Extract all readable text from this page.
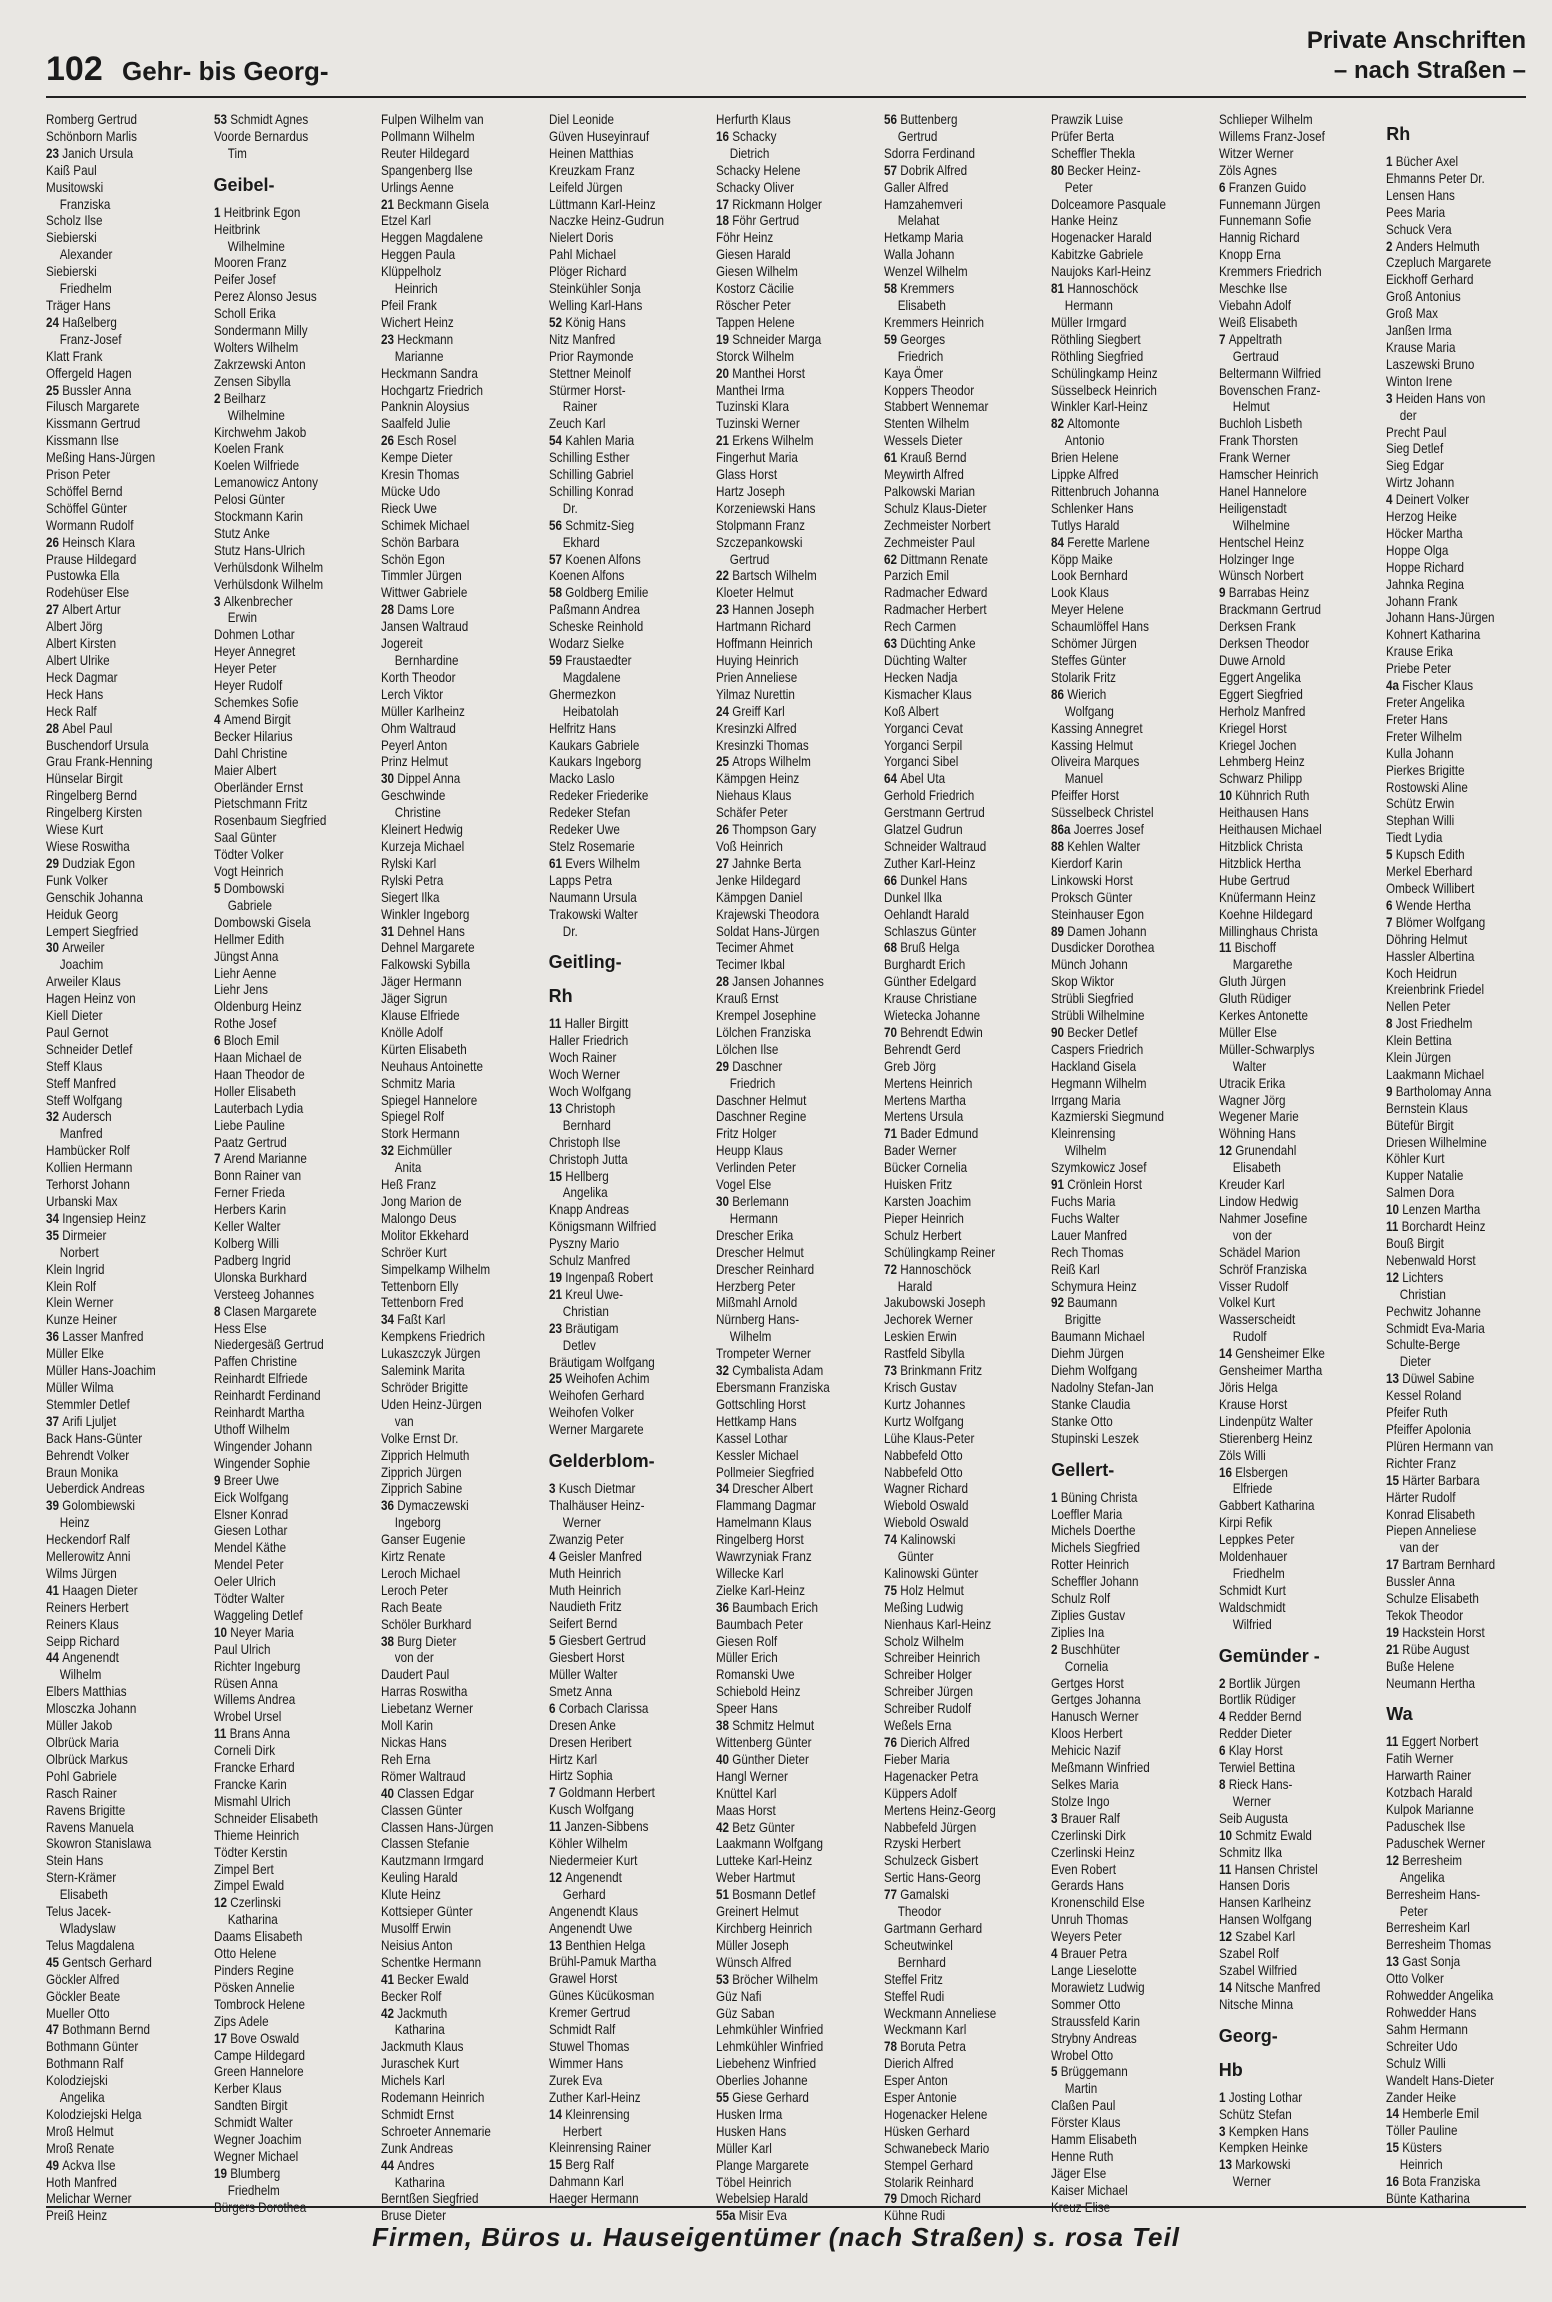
102 Gehr- bis Georg-
Private Anschriften
– nach Straßen –
Romberg Gertrud
Schönborn Marlis
23 Janich Ursula
Kaiß Paul
Musitowski
Franziska
Scholz Ilse
Siebierski
Alexander
Siebierski
Friedhelm
Träger Hans
24 Haßelberg
Franz-Josef
Klatt Frank
Offergeld Hagen
25 Bussler Anna
Filusch Margarete
Kissmann Gertrud
Kissmann Ilse
Meßing Hans-Jürgen
Prison Peter
Schöffel Bernd
Schöffel Günter
Wormann Rudolf
26 Heinsch Klara
Prause Hildegard
Pustowka Ella
Rodehüser Else
27 Albert Artur
Albert Jörg
Albert Kirsten
Albert Ulrike
Heck Dagmar
Heck Hans
Heck Ralf
28 Abel Paul
Buschendorf Ursula
Grau Frank-Henning
Hünselar Birgit
Ringelberg Bernd
Ringelberg Kirsten
Wiese Kurt
Wiese Roswitha
29 Dudziak Egon
Funk Volker
Genschik Johanna
Heiduk Georg
Lempert Siegfried
30 Arweiler
Joachim
Arweiler Klaus
Hagen Heinz von
Kiell Dieter
Paul Gernot
Schneider Detlef
Steff Klaus
Steff Manfred
Steff Wolfgang
32 Audersch
Manfred
Hambücker Rolf
Kollien Hermann
Terhorst Johann
Urbanski Max
34 Ingensiep Heinz
35 Dirmeier
Norbert
Klein Ingrid
Klein Rolf
Klein Werner
Kunze Heiner
36 Lasser Manfred
Müller Elke
Müller Hans-Joachim
Müller Wilma
Stemmler Detlef
37 Arifi Ljuljet
Back Hans-Günter
Behrendt Volker
Braun Monika
Ueberdick Andreas
39 Golombiewski
Heinz
Heckendorf Ralf
Mellerowitz Anni
Wilms Jürgen
41 Haagen Dieter
Reiners Herbert
Reiners Klaus
Seipp Richard
44 Angenendt
Wilhelm
Elbers Matthias
Mlosczka Johann
Müller Jakob
Olbrück Maria
Olbrück Markus
Pohl Gabriele
Rasch Rainer
Ravens Brigitte
Ravens Manuela
Skowron Stanislawa
Stein Hans
Stern-Krämer
Elisabeth
Telus Jacek-
Wladyslaw
Telus Magdalena
45 Gentsch Gerhard
Göckler Alfred
Göckler Beate
Mueller Otto
47 Bothmann Bernd
Bothmann Günter
Bothmann Ralf
Kolodziejski
Angelika
Kolodziejski Helga
Mroß Helmut
Mroß Renate
49 Ackva Ilse
Hoth Manfred
Melichar Werner
Preiß Heinz
53 Schmidt Agnes
Voorde Bernardus
Tim
Geibel-
1 Heitbrink Egon
Heitbrink
Wilhelmine
Mooren Franz
Peifer Josef
Perez Alonso Jesus
Scholl Erika
Sondermann Milly
Wolters Wilhelm
Zakrzewski Anton
Zensen Sibylla
2 Beilharz
Wilhelmine
Kirchwehm Jakob
Koelen Frank
Koelen Wilfriede
Lemanowicz Antony
Pelosi Günter
Stockmann Karin
Stutz Anke
Stutz Hans-Ulrich
Verhülsdonk Wilhelm
Verhülsdonk Wilhelm
3 Alkenbrecher
Erwin
Dohmen Lothar
Heyer Annegret
Heyer Peter
Heyer Rudolf
Schemkes Sofie
4 Amend Birgit
Becker Hilarius
Dahl Christine
Maier Albert
Oberländer Ernst
Pietschmann Fritz
Rosenbaum Siegfried
Saal Günter
Tödter Volker
Vogt Heinrich
5 Dombowski
Gabriele
Dombowski Gisela
Hellmer Edith
Jüngst Anna
Liehr Aenne
Liehr Jens
Oldenburg Heinz
Rothe Josef
6 Bloch Emil
Haan Michael de
Haan Theodor de
Holler Elisabeth
Lauterbach Lydia
Liebe Pauline
Paatz Gertrud
7 Arend Marianne
Bonn Rainer van
Ferner Frieda
Herbers Karin
Keller Walter
Kolberg Willi
Padberg Ingrid
Ulonska Burkhard
Versteeg Johannes
8 Clasen Margarete
Hess Else
Niedergesäß Gertrud
Paffen Christine
Reinhardt Elfriede
Reinhardt Ferdinand
Reinhardt Martha
Uthoff Wilhelm
Wingender Johann
Wingender Sophie
9 Breer Uwe
Eick Wolfgang
Elsner Konrad
Giesen Lothar
Mendel Käthe
Mendel Peter
Oeler Ulrich
Tödter Walter
Waggeling Detlef
10 Neyer Maria
Paul Ulrich
Richter Ingeburg
Rüsen Anna
Willems Andrea
Wrobel Ursel
11 Brans Anna
Corneli Dirk
Francke Erhard
Francke Karin
Mismahl Ulrich
Schneider Elisabeth
Thieme Heinrich
Tödter Kerstin
Zimpel Bert
Zimpel Ewald
12 Czerlinski
Katharina
Daams Elisabeth
Otto Helene
Pinders Regine
Pösken Annelie
Tombrock Helene
Zips Adele
17 Bove Oswald
Campe Hildegard
Green Hannelore
Kerber Klaus
Sandten Birgit
Schmidt Walter
Wegner Joachim
Wegner Michael
19 Blumberg
Friedhelm
Fulpen Wilhelm van
Pollmann Wilhelm
Reuter Hildegard
Spangenberg Ilse
Urlings Aenne
21 Beckmann Gisela
Etzel Karl
Heggen Magdalene
Heggen Paula
Klüppelholz
Heinrich
Pfeil Frank
Wichert Heinz
23 Heckmann
Marianne
Heckmann Sandra
Hochgartz Friedrich
Panknin Aloysius
Saalfeld Julie
26 Esch Rosel
Kempe Dieter
Kresin Thomas
Mücke Udo
Rieck Uwe
Schimek Michael
Schön Barbara
Schön Egon
Timmler Jürgen
Wittwer Gabriele
28 Dams Lore
Jansen Waltraud
Jogereit
Bernhardine
Korth Theodor
Lerch Viktor
Müller Karlheinz
Ohm Waltraud
Peyerl Anton
Prinz Helmut
30 Dippel Anna
Geschwinde
Christine
Kleinert Hedwig
Kurzeja Michael
Rylski Karl
Rylski Petra
Siegert Ilka
Winkler Ingeborg
31 Dehnel Hans
Dehnel Margarete
Falkowski Sybilla
Jäger Hermann
Jäger Sigrun
Klause Elfriede
Knölle Adolf
Kürten Elisabeth
Neuhaus Antoinette
Schmitz Maria
Spiegel Hannelore
Spiegel Rolf
Stork Hermann
32 Eichmüller
Anita
Heß Franz
Jong Marion de
Malongo Deus
Molitor Ekkehard
Schröer Kurt
Simpelkamp Wilhelm
Tettenborn Elly
Tettenborn Fred
34 Faßt Karl
Kempkens Friedrich
Lukaszczyk Jürgen
Salemink Marita
Schröder Brigitte
Uden Heinz-Jürgen
van
Volke Ernst Dr.
Zipprich Helmuth
Zipprich Jürgen
Zipprich Sabine
36 Dymaczewski
Ingeborg
Ganser Eugenie
Kirtz Renate
Leroch Michael
Leroch Peter
Rach Beate
Schöler Burkhard
38 Burg Dieter
von der
Daudert Paul
Harras Roswitha
Liebetanz Werner
Moll Karin
Nickas Hans
Reh Erna
Römer Waltraud
40 Classen Edgar
Classen Günter
Classen Hans-Jürgen
Classen Stefanie
Kautzmann Irmgard
Keuling Harald
Klute Heinz
Kottsieper Günter
Musolff Erwin
Neisius Anton
Schentke Hermann
41 Becker Ewald
Becker Rolf
42 Jackmuth
Katharina
Jackmuth Klaus
Juraschek Kurt
Michels Karl
Rodemann Heinrich
Schmidt Ernst
Schroeter Annemarie
Zunk Andreas
44 Andres
Katharina
Berntßen Siegfried
Bruse Dieter
Diel Leonide
Güven Huseyinrauf
Heinen Matthias
Kreuzkam Franz
Leifeld Jürgen
Lüttmann Karl-Heinz
Naczke Heinz-Gudrun
Nielert Doris
Pahl Michael
Plöger Richard
Steinkühler Sonja
Welling Karl-Hans
52 König Hans
Nitz Manfred
Prior Raymonde
Stettner Meinolf
Stürmer Horst-
Rainer
Zeuch Karl
54 Kahlen Maria
Schilling Esther
Schilling Gabriel
Schilling Konrad
Dr.
56 Schmitz-Sieg
Ekhard
57 Koenen Alfons
Koenen Alfons
58 Goldberg Emilie
Paßmann Andrea
Scheske Reinhold
Wodarz Sielke
59 Fraustaedter
Magdalene
Ghermezkon
Heibatolah
Helfritz Hans
Kaukars Gabriele
Kaukars Ingeborg
Macko Laslo
Redeker Friederike
Redeker Stefan
Redeker Uwe
Stelz Rosemarie
61 Evers Wilhelm
Lapps Petra
Naumann Ursula
Trakowski Walter
Dr.
Geitling-
Rh
11 Haller Birgitt
Haller Friedrich
Woch Rainer
Woch Werner
Woch Wolfgang
13 Christoph
Bernhard
Christoph Ilse
Christoph Jutta
15 Hellberg
Angelika
Knapp Andreas
Königsmann Wilfried
Pyszny Mario
Schulz Manfred
19 Ingenpaß Robert
21 Kreul Uwe-
Christian
23 Bräutigam
Detlev
Bräutigam Wolfgang
25 Weihofen Achim
Weihofen Gerhard
Weihofen Volker
Werner Margarete
Gelderblom-
3 Kusch Dietmar
Thalhäuser Heinz-
Werner
Zwanzig Peter
4 Geisler Manfred
Muth Heinrich
Muth Heinrich
Naudieth Fritz
Seifert Bernd
5 Giesbert Gertrud
Giesbert Horst
Müller Walter
Smetz Anna
6 Corbach Clarissa
Dresen Anke
Dresen Heribert
Hirtz Karl
Hirtz Sophia
7 Goldmann Herbert
Kusch Wolfgang
11 Janzen-Sibbens
Köhler Wilhelm
Niedermeier Kurt
12 Angenendt
Gerhard
Angenendt Klaus
Angenendt Uwe
13 Benthien Helga
Brühl-Pamuk Martha
Grawel Horst
Günes Kücükosman
Kremer Gertrud
Schmidt Ralf
Stuwel Thomas
Wimmer Hans
Zurek Eva
Zuther Karl-Heinz
14 Kleinrensing
Herbert
Kleinrensing Rainer
15 Berg Ralf
Dahmann Karl
Haeger Hermann
Herfurth Klaus
16 Schacky
Dietrich
Schacky Helene
Schacky Oliver
17 Rickmann Holger
18 Föhr Gertrud
Föhr Heinz
Giesen Harald
Giesen Wilhelm
Kostorz Cäcilie
Röscher Peter
Tappen Helene
19 Schneider Marga
Storck Wilhelm
20 Manthei Horst
Manthei Irma
Tuzinski Klara
Tuzinski Werner
21 Erkens Wilhelm
Fingerhut Maria
Glass Horst
Hartz Joseph
Korzeniewski Hans
Stolpmann Franz
Szczepankowski
Gertrud
22 Bartsch Wilhelm
Kloeter Helmut
23 Hannen Joseph
Hartmann Richard
Hoffmann Heinrich
Huying Heinrich
Prien Anneliese
Yilmaz Nurettin
24 Greiff Karl
Kresinzki Alfred
Kresinzki Thomas
25 Atrops Wilhelm
Kämpgen Heinz
Niehaus Klaus
Schäfer Peter
26 Thompson Gary
Voß Heinrich
27 Jahnke Berta
Jenke Hildegard
Kämpgen Daniel
Krajewski Theodora
Soldat Hans-Jürgen
Tecimer Ahmet
Tecimer Ikbal
28 Jansen Johannes
Krauß Ernst
Krempel Josephine
Lölchen Franziska
Lölchen Ilse
29 Daschner
Friedrich
Daschner Helmut
Daschner Regine
Fritz Holger
Heupp Klaus
Verlinden Peter
Vogel Else
30 Berlemann
Hermann
Drescher Erika
Drescher Helmut
Drescher Reinhard
Herzberg Peter
Mißmahl Arnold
Nürnberg Hans-
Wilhelm
Trompeter Werner
32 Cymbalista Adam
Ebersmann Franziska
Gottschling Horst
Hettkamp Hans
Kassel Lothar
Kessler Michael
Pollmeier Siegfried
34 Drescher Albert
Flammang Dagmar
Hamelmann Klaus
Ringelberg Horst
Wawrzyniak Franz
Willecke Karl
Zielke Karl-Heinz
36 Baumbach Erich
Baumbach Peter
Giesen Rolf
Müller Erich
Romanski Uwe
Schiebold Heinz
Speer Hans
38 Schmitz Helmut
Wittenberg Günter
40 Günther Dieter
Hangl Werner
Knüttel Karl
Maas Horst
42 Betz Günter
Laakmann Wolfgang
Lutteke Karl-Heinz
Weber Hartmut
51 Bosmann Detlef
Greinert Helmut
Kirchberg Heinrich
Müller Joseph
Wünsch Alfred
53 Bröcher Wilhelm
Güz Nafi
Güz Saban
Lehmkühler Winfried
Lehmkühler Winfried
Liebehenz Winfried
Oberlies Johanne
55 Giese Gerhard
Husken Irma
Husken Hans
Müller Karl
Plange Margarete
Töbel Heinrich
Webelsiep Harald
55a Misir Eva
56 Buttenberg
Gertrud
Sdorra Ferdinand
57 Dobrik Alfred
Galler Alfred
Hamzahemveri
Melahat
Hetkamp Maria
Walla Johann
Wenzel Wilhelm
58 Kremmers
Elisabeth
Kremmers Heinrich
59 Georges
Friedrich
Kaya Ömer
Koppers Theodor
Stabbert Wennemar
Stenten Wilhelm
Wessels Dieter
61 Krauß Bernd
Meywirth Alfred
Palkowski Marian
Schulz Klaus-Dieter
Zechmeister Norbert
Zechmeister Paul
62 Dittmann Renate
Parzich Emil
Radmacher Edward
Radmacher Herbert
Rech Carmen
63 Düchting Anke
Düchting Walter
Hecken Nadja
Kismacher Klaus
Koß Albert
Yorganci Cevat
Yorganci Serpil
Yorganci Sibel
64 Abel Uta
Gerhold Friedrich
Gerstmann Gertrud
Glatzel Gudrun
Schneider Waltraud
Zuther Karl-Heinz
66 Dunkel Hans
Dunkel Ilka
Oehlandt Harald
Schlaszus Günter
68 Bruß Helga
Burghardt Erich
Günther Edelgard
Krause Christiane
Wietecka Johanne
70 Behrendt Edwin
Behrendt Gerd
Greb Jörg
Mertens Heinrich
Mertens Martha
Mertens Ursula
71 Bader Edmund
Bader Werner
Bücker Cornelia
Huisken Fritz
Karsten Joachim
Pieper Heinrich
Schulz Herbert
Schülingkamp Reiner
72 Hannoschöck
Harald
Jakubowski Joseph
Jechorek Werner
Leskien Erwin
Rastfeld Sibylla
73 Brinkmann Fritz
Krisch Gustav
Kurtz Johannes
Kurtz Wolfgang
Lühe Klaus-Peter
Nabbefeld Otto
Nabbefeld Otto
Wagner Richard
Wiebold Oswald
Wiebold Oswald
74 Kalinowski
Günter
Kalinowski Günter
75 Holz Helmut
Meßing Ludwig
Nienhaus Karl-Heinz
Scholz Wilhelm
Schreiber Heinrich
Schreiber Holger
Schreiber Jürgen
Schreiber Rudolf
Weßels Erna
76 Dierich Alfred
Fieber Maria
Hagenacker Petra
Küppers Adolf
Mertens Heinz-Georg
Nabbefeld Jürgen
Rzyski Herbert
Schulzeck Gisbert
Sertic Hans-Georg
77 Gamalski
Theodor
Gartmann Gerhard
Scheutwinkel
Bernhard
Steffel Fritz
Steffel Rudi
Weckmann Anneliese
Weckmann Karl
78 Boruta Petra
Dierich Alfred
Esper Anton
Esper Antonie
Hogenacker Helene
Hüsken Gerhard
Schwanebeck Mario
Stempel Gerhard
Stolarik Reinhard
79 Dmoch Richard
Kühne Rudi
Prawzik Luise
Prüfer Berta
Scheffler Thekla
80 Becker Heinz-
Peter
Dolceamore Pasquale
Hanke Heinz
Hogenacker Harald
Kabitzke Gabriele
Naujoks Karl-Heinz
81 Hannoschöck
Hermann
Müller Irmgard
Röthling Siegbert
Röthling Siegfried
Schülingkamp Heinz
Süsselbeck Heinrich
Winkler Karl-Heinz
82 Altomonte
Antonio
Brien Helene
Lippke Alfred
Rittenbruch Johanna
Schlenker Hans
Tutlys Harald
84 Ferette Marlene
Köpp Maike
Look Bernhard
Look Klaus
Meyer Helene
Schaumlöffel Hans
Schömer Jürgen
Steffes Günter
Stolarik Fritz
86 Wierich
Wolfgang
Kassing Annegret
Kassing Helmut
Oliveira Marques
Manuel
Pfeiffer Horst
Süsselbeck Christel
86a Joerres Josef
88 Kehlen Walter
Kierdorf Karin
Linkowski Horst
Proksch Günter
Steinhauser Egon
89 Damen Johann
Dusdicker Dorothea
Münch Johann
Skop Wiktor
Strübli Siegfried
Strübli Wilhelmine
90 Becker Detlef
Caspers Friedrich
Hackland Gisela
Hegmann Wilhelm
Irrgang Maria
Kazmierski Siegmund
Kleinrensing
Wilhelm
Szymkowicz Josef
91 Crönlein Horst
Fuchs Maria
Fuchs Walter
Lauer Manfred
Rech Thomas
Reiß Karl
Schymura Heinz
92 Baumann
Brigitte
Baumann Michael
Diehm Jürgen
Diehm Wolfgang
Nadolny Stefan-Jan
Stanke Claudia
Stanke Otto
Stupinski Leszek
Gellert-
1 Büning Christa
Loeffler Maria
Michels Doerthe
Michels Siegfried
Rotter Heinrich
Scheffler Johann
Schulz Rolf
Ziplies Gustav
Ziplies Ina
2 Buschhüter
Cornelia
Gertges Horst
Gertges Johanna
Hanusch Werner
Kloos Herbert
Mehicic Nazif
Meßmann Winfried
Selkes Maria
Stolze Ingo
3 Brauer Ralf
Czerlinski Dirk
Czerlinski Heinz
Even Robert
Gerards Hans
Kronenschild Else
Unruh Thomas
Weyers Peter
4 Brauer Petra
Lange Lieselotte
Morawietz Ludwig
Sommer Otto
Straussfeld Karin
Strybny Andreas
Wrobel Otto
5 Brüggemann
Martin
Claßen Paul
Förster Klaus
Hamm Elisabeth
Henne Ruth
Jäger Else
Kaiser Michael
Schlieper Wilhelm
Willems Franz-Josef
Witzer Werner
Zöls Agnes
6 Franzen Guido
Funnemann Jürgen
Funnemann Sofie
Hannig Richard
Knopp Erna
Kremmers Friedrich
Meschke Ilse
Viebahn Adolf
Weiß Elisabeth
7 Appeltrath
Gertraud
Beltermann Wilfried
Bovenschen Franz-
Helmut
Buchloh Lisbeth
Frank Thorsten
Frank Werner
Hamscher Heinrich
Hanel Hannelore
Heiligenstadt
Wilhelmine
Hentschel Heinz
Holzinger Inge
Wünsch Norbert
9 Barrabas Heinz
Brackmann Gertrud
Derksen Frank
Derksen Theodor
Duwe Arnold
Eggert Angelika
Eggert Siegfried
Herholz Manfred
Kriegel Horst
Kriegel Jochen
Lehmberg Heinz
Schwarz Philipp
10 Kühnrich Ruth
Heithausen Hans
Heithausen Michael
Hitzblick Christa
Hitzblick Hertha
Hube Gertrud
Knüfermann Heinz
Koehne Hildegard
Millinghaus Christa
11 Bischoff
Margarethe
Gluth Jürgen
Gluth Rüdiger
Kerkes Antonette
Müller Else
Müller-Schwarplys
Walter
Utracik Erika
Wagner Jörg
Wegener Marie
Wöhning Hans
12 Grunendahl
Elisabeth
Kreuder Karl
Lindow Hedwig
Nahmer Josefine
von der
Schädel Marion
Schröf Franziska
Visser Rudolf
Volkel Kurt
Wasserscheidt
Rudolf
14 Gensheimer Elke
Gensheimer Martha
Jöris Helga
Krause Horst
Lindenpütz Walter
Stierenberg Heinz
Zöls Willi
16 Elsbergen
Elfriede
Gabbert Katharina
Kirpi Refik
Leppkes Peter
Moldenhauer
Friedhelm
Schmidt Kurt
Waldschmidt
Wilfried
Gemünder -
2 Bortlik Jürgen
Bortlik Rüdiger
4 Redder Bernd
Redder Dieter
6 Klay Horst
Terwiel Bettina
8 Rieck Hans-
Werner
Seib Augusta
10 Schmitz Ewald
Schmitz Ilka
11 Hansen Christel
Hansen Doris
Hansen Karlheinz
Hansen Wolfgang
12 Szabel Karl
Szabel Rolf
Szabel Wilfried
14 Nitsche Manfred
Nitsche Minna
Georg-
Hb
1 Josting Lothar
Schütz Stefan
3 Kempken Hans
Kempken Heinke
13 Markowski
Werner
Rh
1 Bücher Axel
Ehmanns Peter Dr.
Lensen Hans
Pees Maria
Schuck Vera
2 Anders Helmuth
Czepluch Margarete
Eickhoff Gerhard
Groß Antonius
Groß Max
Janßen Irma
Krause Maria
Laszewski Bruno
Winton Irene
3 Heiden Hans von
der
Precht Paul
Sieg Detlef
Sieg Edgar
Wirtz Johann
4 Deinert Volker
Herzog Heike
Höcker Martha
Hoppe Olga
Hoppe Richard
Jahnka Regina
Johann Frank
Johann Hans-Jürgen
Kohnert Katharina
Krause Erika
Priebe Peter
4a Fischer Klaus
Freter Angelika
Freter Hans
Freter Wilhelm
Kulla Johann
Pierkes Brigitte
Rostowski Aline
Schütz Erwin
Stephan Willi
Tiedt Lydia
5 Kupsch Edith
Merkel Eberhard
Ombeck Willibert
6 Wende Hertha
7 Blömer Wolfgang
Döhring Helmut
Hassler Albertina
Koch Heidrun
Kreienbrink Friedel
Nellen Peter
8 Jost Friedhelm
Klein Bettina
Klein Jürgen
Laakmann Michael
9 Bartholomay Anna
Bernstein Klaus
Bütefür Birgit
Driesen Wilhelmine
Köhler Kurt
Kupper Natalie
Salmen Dora
10 Lenzen Martha
11 Borchardt Heinz
Bouß Birgit
Nebenwald Horst
12 Lichters
Christian
Pechwitz Johanne
Schmidt Eva-Maria
Schulte-Berge
Dieter
13 Düwel Sabine
Kessel Roland
Pfeifer Ruth
Pfeiffer Apolonia
Plüren Hermann van
Richter Franz
15 Härter Barbara
Härter Rudolf
Konrad Elisabeth
Piepen Anneliese
van der
17 Bartram Bernhard
Bussler Anna
Schulze Elisabeth
Tekok Theodor
19 Hackstein Horst
21 Rübe August
Buße Helene
Neumann Hertha
Wa
11 Eggert Norbert
Fatih Werner
Harwarth Rainer
Kotzbach Harald
Kulpok Marianne
Paduschek Ilse
Paduschek Werner
12 Berresheim
Angelika
Berresheim Hans-
Peter
Berresheim Karl
Berresheim Thomas
13 Gast Sonja
Otto Volker
Rohwedder Angelika
Rohwedder Hans
Sahm Hermann
Schreiter Udo
Schulz Willi
Wandelt Hans-Dieter
Zander Heike
14 Hemberle Emil
Töller Pauline
15 Küsters
Heinrich
16 Bota Franziska
Bünte Katharina
Firmen, Büros u. Hauseigentümer (nach Straßen) s. rosa Teil
